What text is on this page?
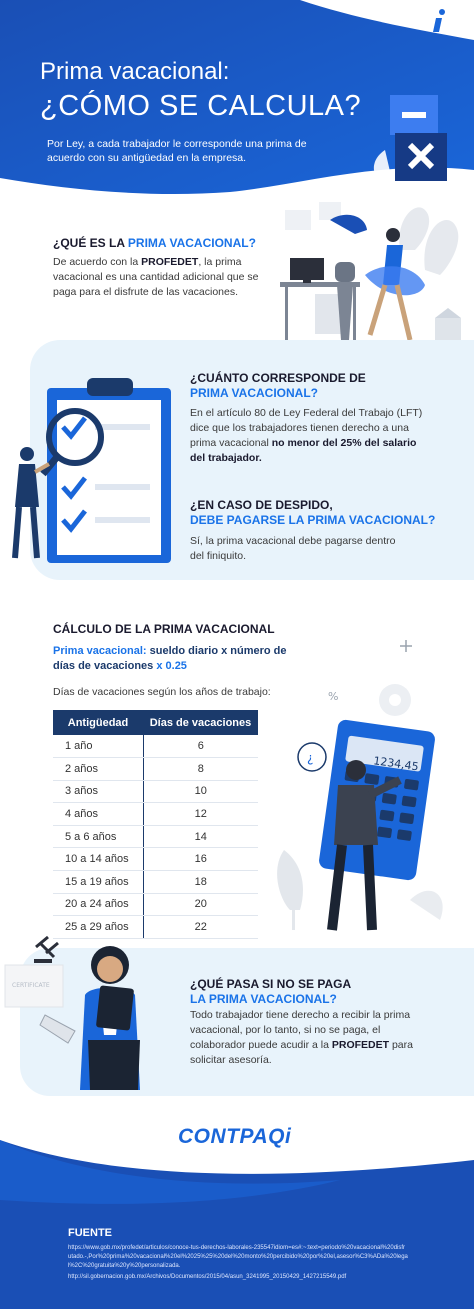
Prima vacacional:
¿CÓMO SE CALCULA?
Por Ley, a cada trabajador le corresponde una prima de acuerdo con su antigüedad en la empresa.
¿QUÉ ES LA PRIMA VACACIONAL?
De acuerdo con la PROFEDET, la prima vacacional es una cantidad adicional que se paga para el disfrute de las vacaciones.
¿CUÁNTO CORRESPONDE DE
PRIMA VACACIONAL?
En el artículo 80 de Ley Federal del Trabajo (LFT) dice que los trabajadores tienen derecho a una prima vacacional no menor del 25% del salario del trabajador.
¿EN CASO DE DESPIDO,
DEBE PAGARSE LA PRIMA VACACIONAL?
Sí, la prima vacacional debe pagarse dentro del finiquito.
CÁLCULO DE LA PRIMA VACACIONAL
Prima vacacional: sueldo diario x número de días de vacaciones x 0.25
Días de vacaciones según los años de trabajo:
Antigüedad	Días de vacaciones
1 año	6
2 años	8
3 años	10
4 años	12
5 a 6 años	14
10 a 14 años	16
15 a 19 años	18
20 a 24 años	20
25 a 29 años	22
%
¿	1234,45
CERTIFICATE	¿QUÉ PASA SI NO SE PAGA
LA PRIMA VACACIONAL?
Todo trabajador tiene derecho a recibir la prima vacacional, por lo tanto, si no se paga, el colaborador puede acudir a la PROFEDET para solicitar asesoría.
CONTPAQi
FUENTE
https://www.gob.mx/profedet/articulos/conoce-tus-derechos-laborales-235547idiom=es#:~:text=periodo%20vacacional%20disfrutado.-,Por%20prima%20vacacional%20el%2025%25%20del%20monto%20percibido%20por%20el,asesor%C3%ADa%20legal%2C%20gratuita%20y%20personalizada.
http://sil.gobernacion.gob.mx/Archivos/Documentos/2015/04/asun_3241995_20150429_1427215549.pdf
